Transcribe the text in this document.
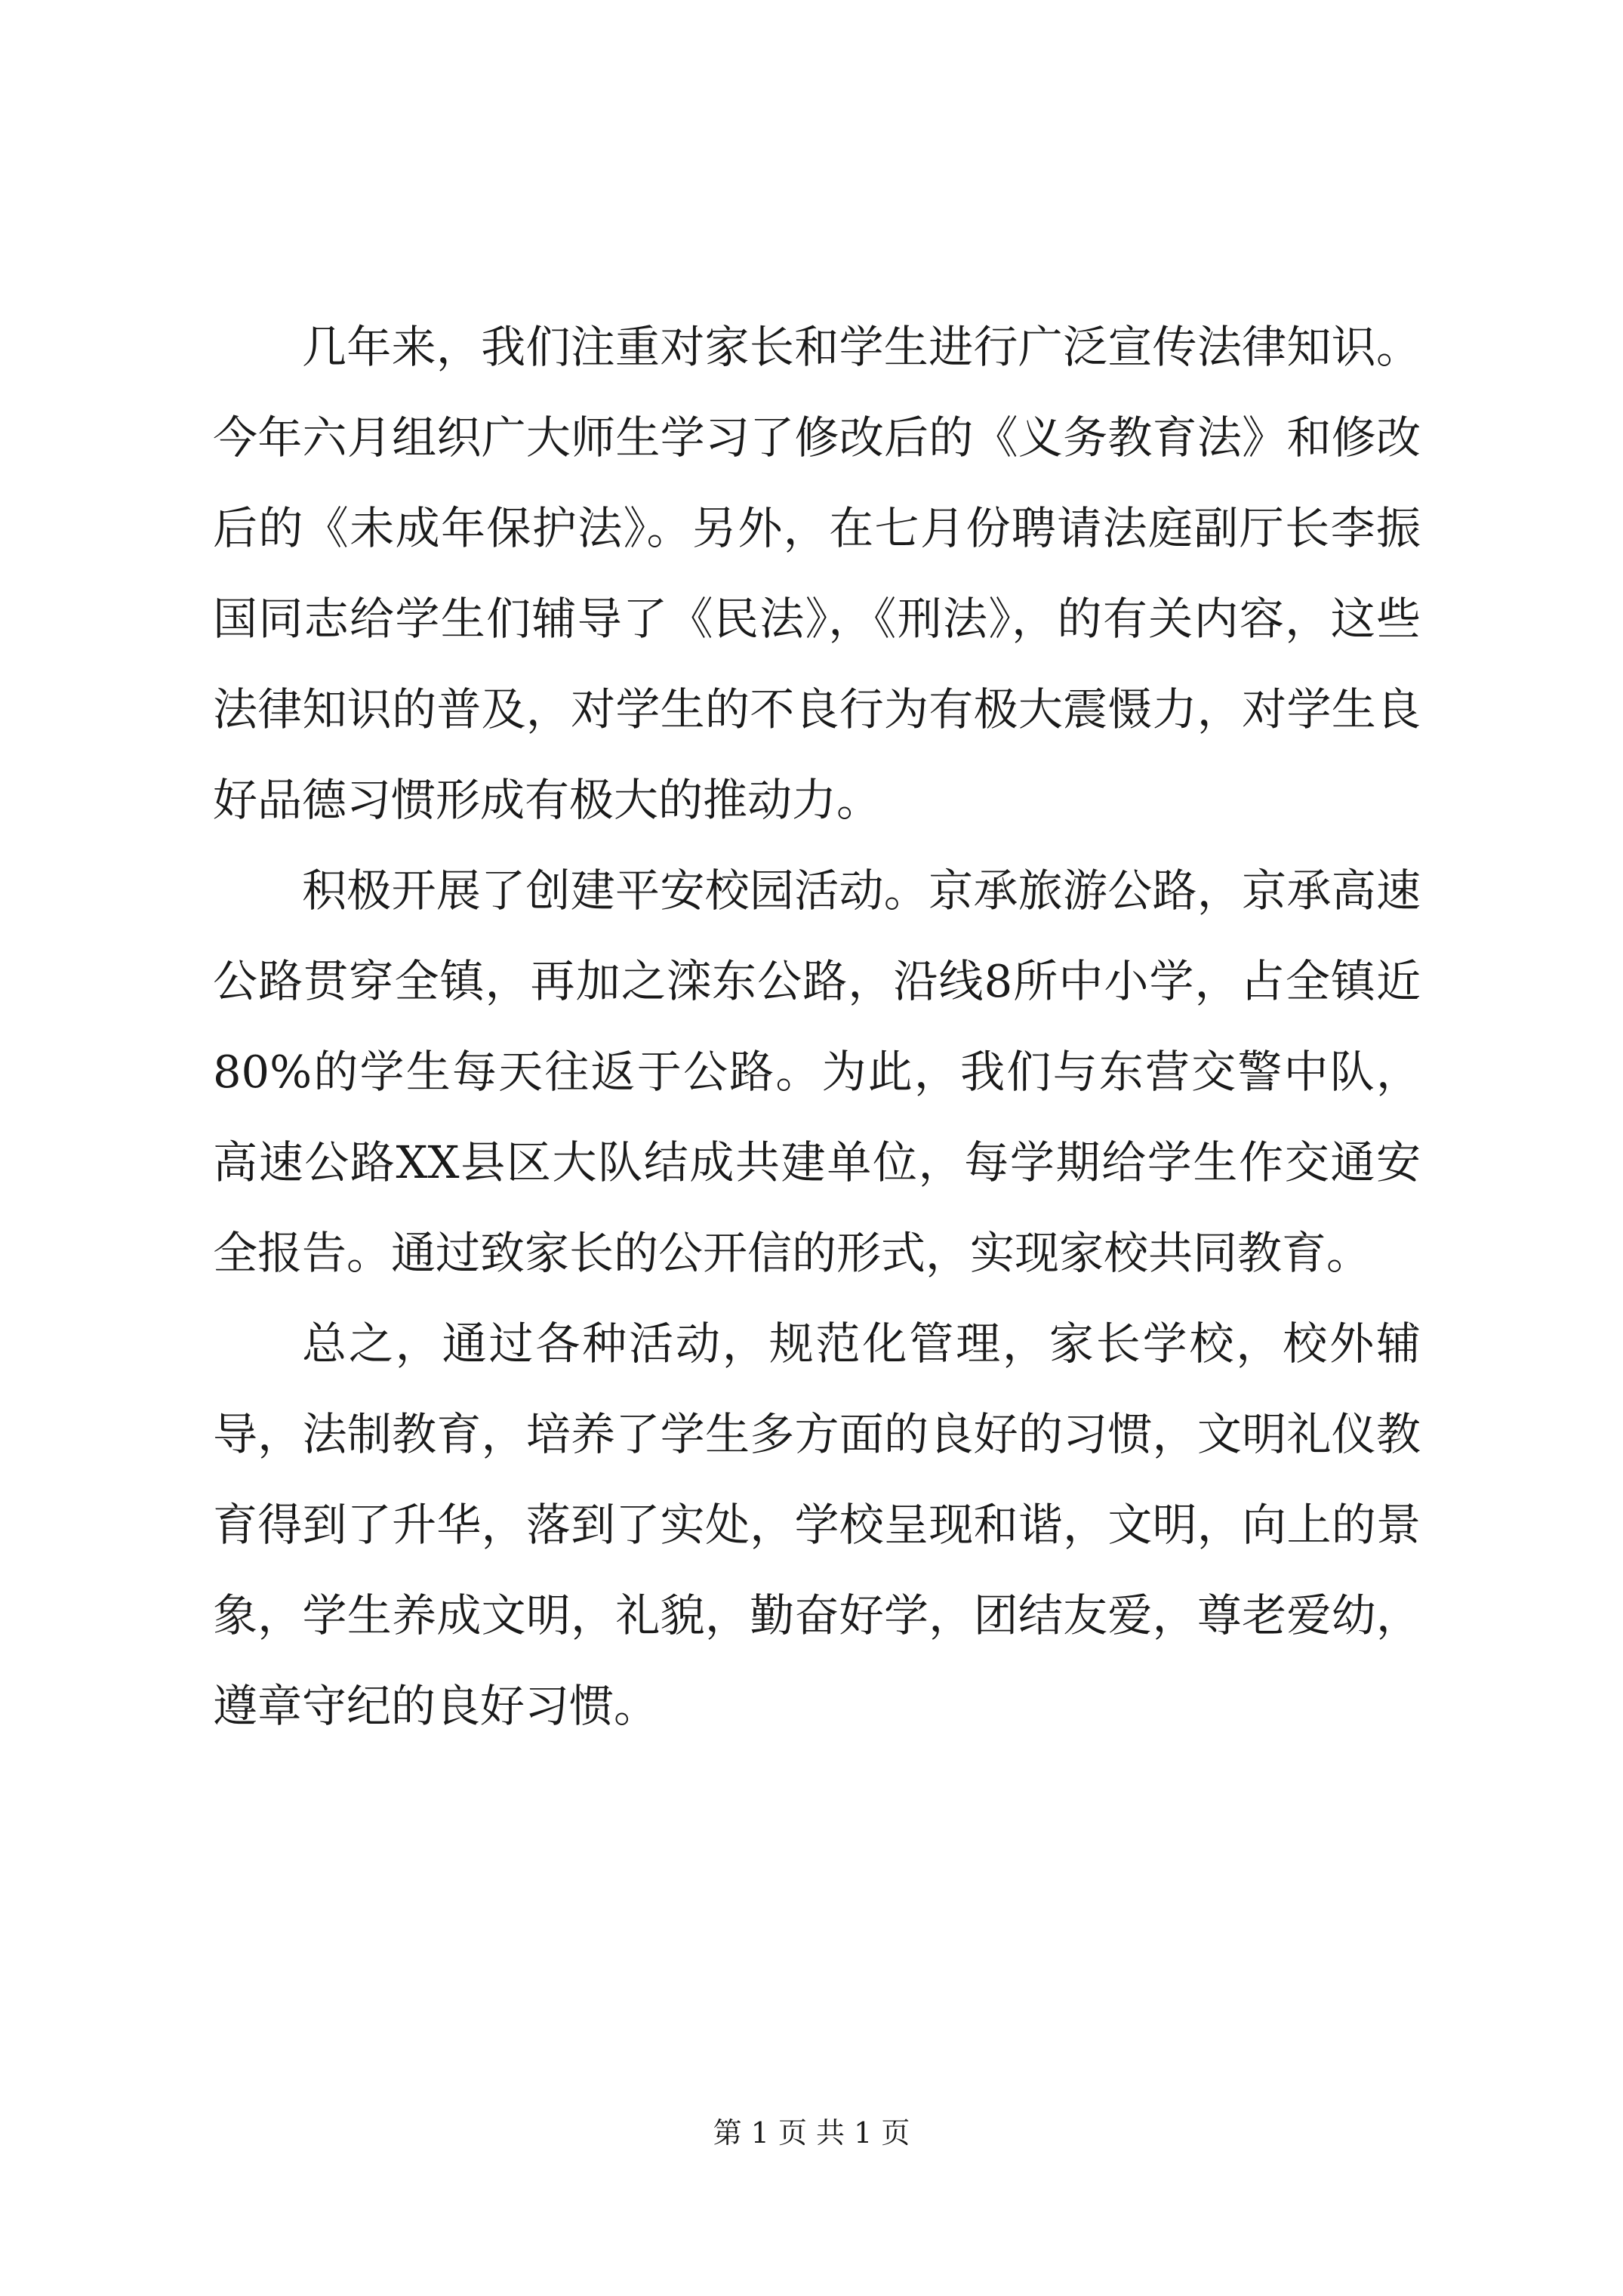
几年来，我们注重对家长和学生进行广泛宣传法律知识。今年六月组织广大师生学习了修改后的《义务教育法》和修改后的《未成年保护法》。另外，在七月份聘请法庭副厅长李振国同志给学生们辅导了《民法》，《刑法》，的有关内容，这些法律知识的普及，对学生的不良行为有极大震慑力，对学生良好品德习惯形成有极大的推动力。

积极开展了创建平安校园活动。京承旅游公路，京承高速公路贯穿全镇，再加之滦东公路，沿线8所中小学，占全镇近80%的学生每天往返于公路。为此，我们与东营交警中队，高速公路XX县区大队结成共建单位，每学期给学生作交通安全报告。通过致家长的公开信的形式，实现家校共同教育。

总之，通过各种活动，规范化管理，家长学校，校外辅导，法制教育，培养了学生多方面的良好的习惯，文明礼仪教育得到了升华，落到了实处，学校呈现和谐，文明，向上的景象，学生养成文明，礼貌，勤奋好学，团结友爱，尊老爱幼，遵章守纪的良好习惯。

第 1 页 共 1 页
